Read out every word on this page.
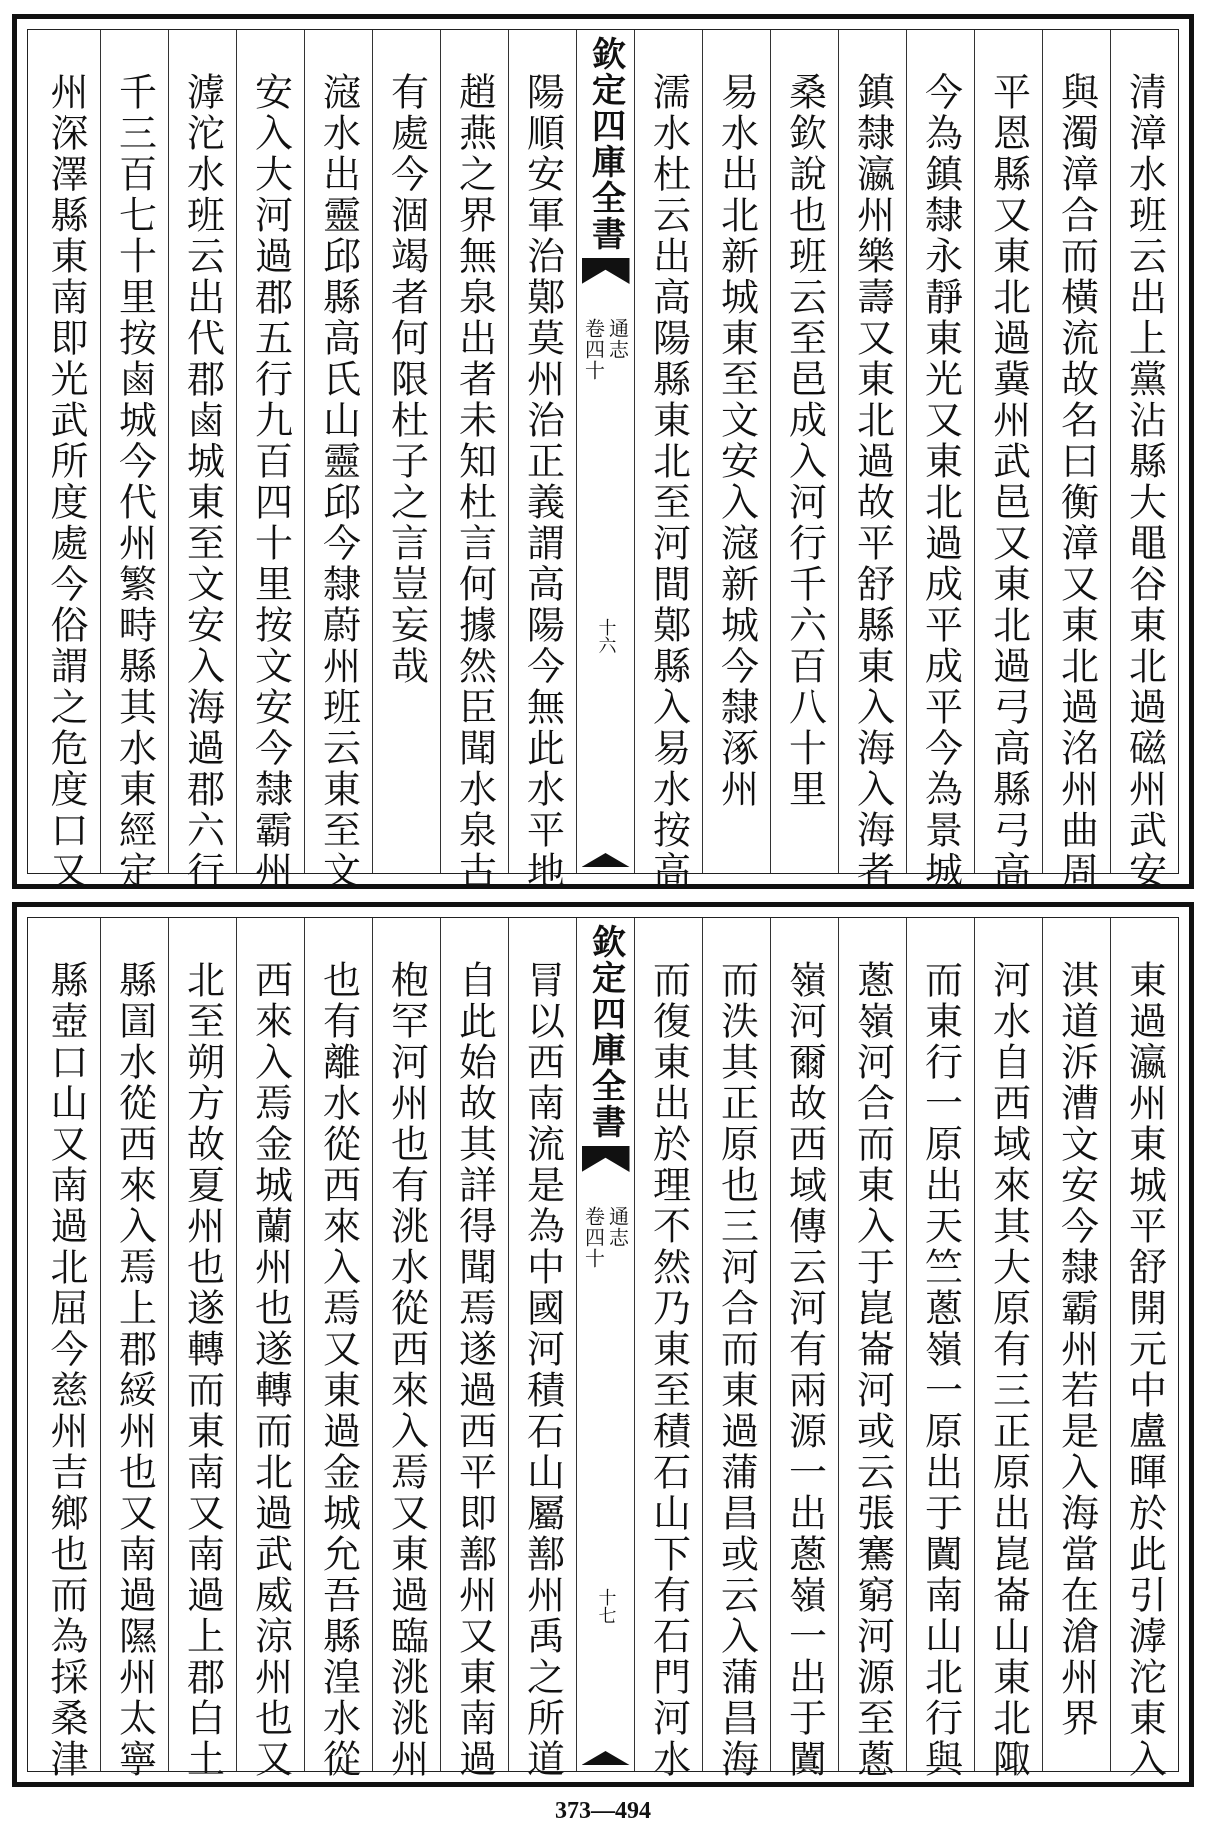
清漳水班云出上黨沾縣大黽谷東北過磁州武安
與濁漳合而橫流故名曰衡漳又東北過洺州曲周
平恩縣又東北過冀州武邑又東北過弓高縣弓高
今為鎮隸永靜東光又東北過成平成平今為景城
鎮隸瀛州樂壽又東北過故平舒縣東入海入海者
桑欽說也班云至邑成入河行千六百八十里
易水出北新城東至文安入滱新城今隸涿州
濡水杜云出高陽縣東北至河間鄚縣入易水按高
欽定四庫全書
通志
卷四十
十六
陽順安軍治鄚莫州治正義謂高陽今無此水平地
趙燕之界無泉出者未知杜言何據然臣聞水泉古
有處今涸竭者何限杜子之言豈妄哉
滱水出靈邱縣高氏山靈邱今隸蔚州班云東至文
安入大河過郡五行九百四十里按文安今隸霸州
滹沱水班云出代郡鹵城東至文安入海過郡六行
千三百七十里按鹵城今代州繁畤縣其水東經定
州深澤縣東南即光武所度處今俗謂之危度口又
東過瀛州東城平舒開元中盧暉於此引滹沱東入
淇道泝漕文安今隸霸州若是入海當在滄州界
河水自西域來其大原有三正原出崑崙山東北陬
而東行一原出天竺蔥嶺一原出于闐南山北行與
蔥嶺河合而東入于崑崙河或云張騫窮河源至蔥
嶺河爾故西域傳云河有兩源一出蔥嶺一出于闐
而泆其正原也三河合而東過蒲昌或云入蒲昌海
而復東出於理不然乃東至積石山下有石門河水
欽定四庫全書
通志
卷四十
十七
冐以西南流是為中國河積石山屬鄯州禹之所道
自此始故其詳得聞焉遂過西平即鄯州又東南過
枹罕河州也有洮水從西來入焉又東過臨洮洮州
也有離水從西來入焉又東過金城允吾縣湟水從
西來入焉金城蘭州也遂轉而北過武威涼州也又
北至朔方故夏州也遂轉而東南又南過上郡白土
縣圁水從西來入焉上郡綏州也又南過隰州太寧
縣壺口山又南過北屈今慈州吉鄉也而為採桑津
373—494
